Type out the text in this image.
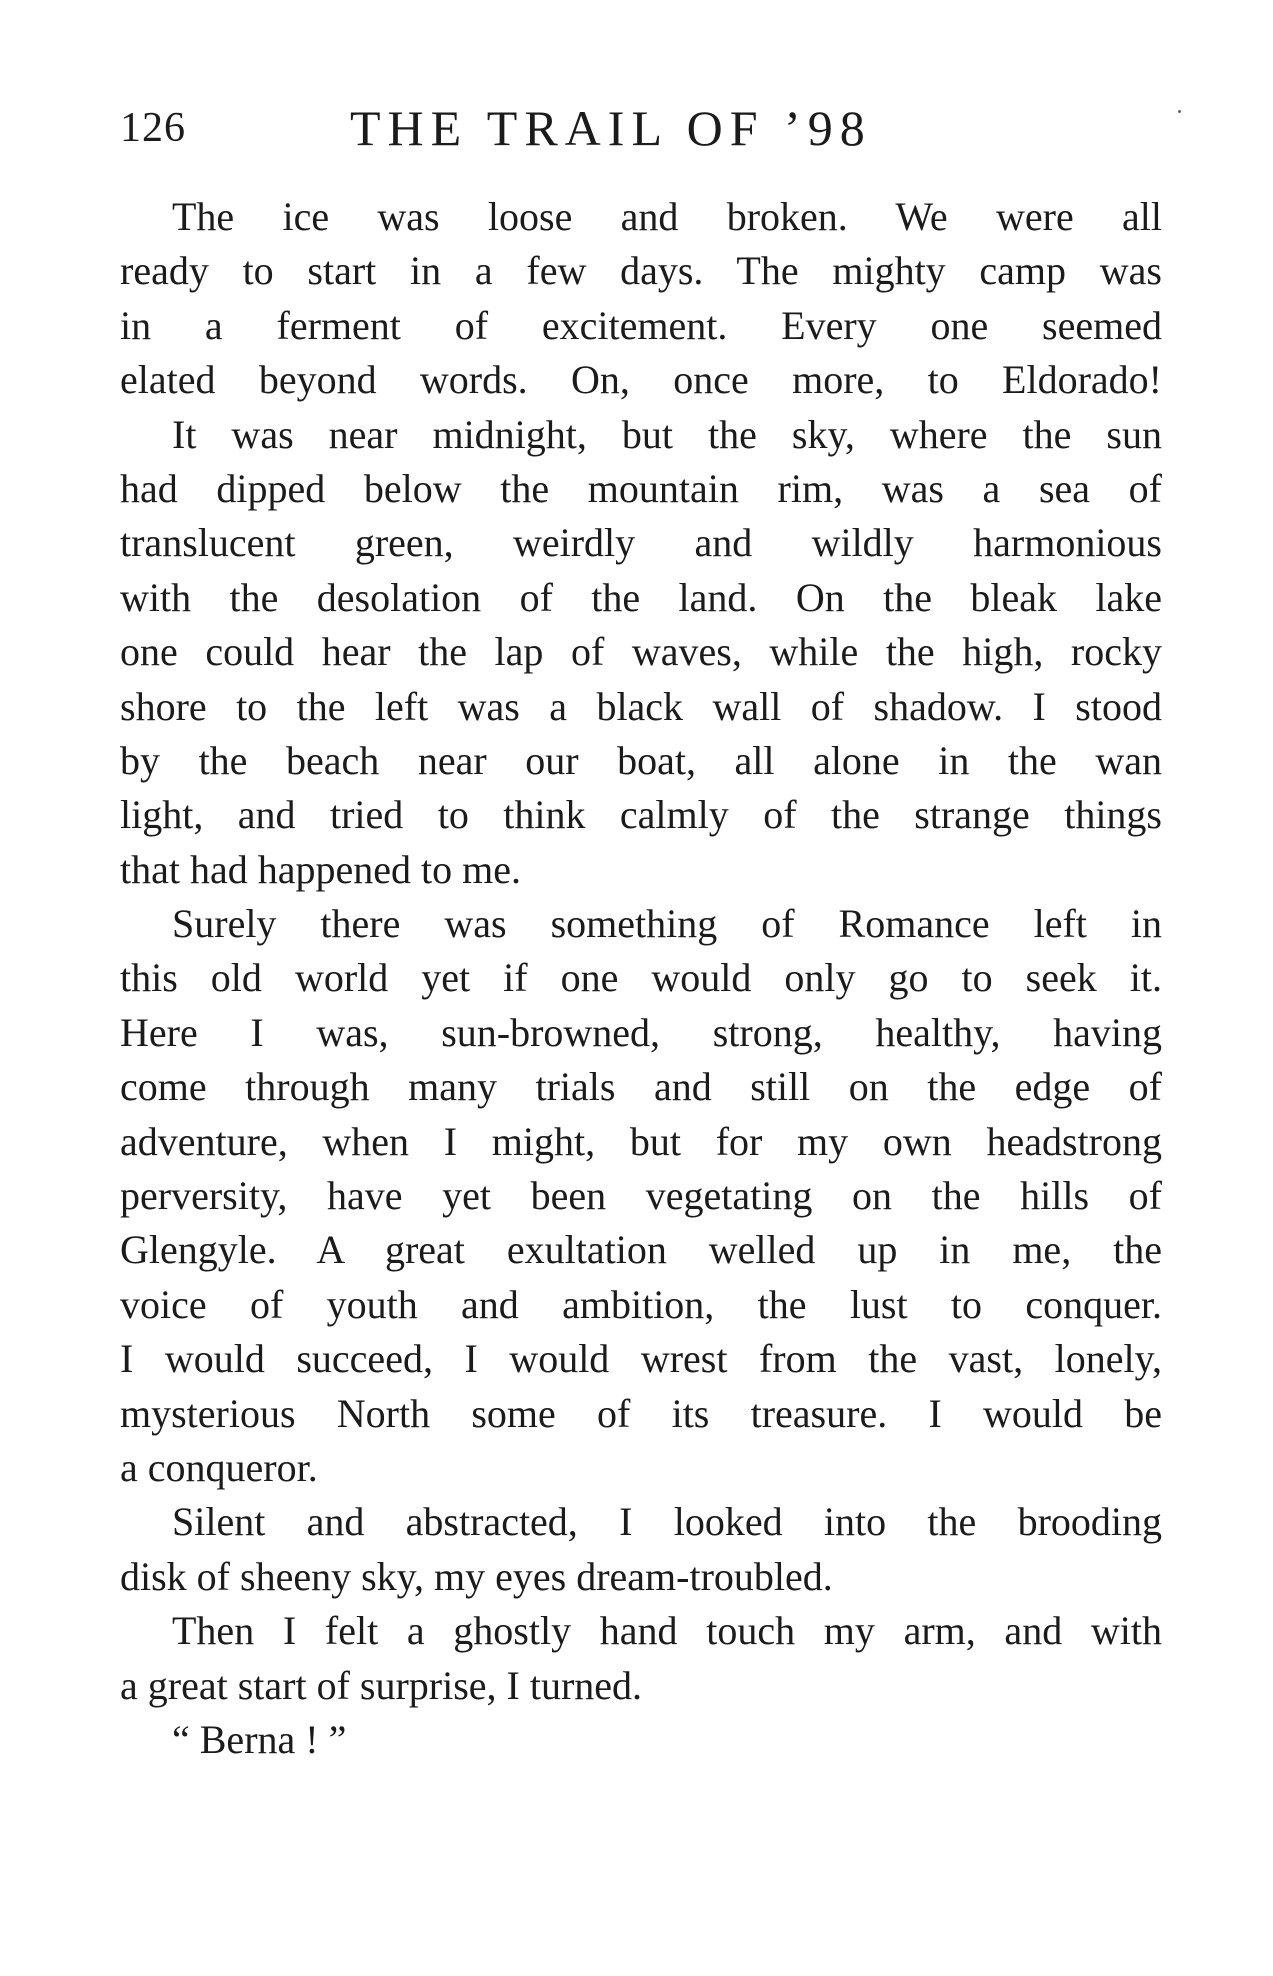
126	THE TRAIL OF ’98
The ice was loose and broken. We were all
ready to start in a few days. The mighty camp was
in a ferment of excitement. Every one seemed
elated beyond words. On, once more, to Eldorado!
It was near midnight, but the sky, where the sun
had dipped below the mountain rim, was a sea of
translucent green, weirdly and wildly harmonious
with the desolation of the land. On the bleak lake
one could hear the lap of waves, while the high, rocky
shore to the left was a black wall of shadow. I stood
by the beach near our boat, all alone in the wan
light, and tried to think calmly of the strange things
that had happened to me.
Surely there was something of Romance left in
this old world yet if one would only go to seek it.
Here I was, sun-browned, strong, healthy, having
come through many trials and still on the edge of
adventure, when I might, but for my own headstrong
perversity, have yet been vegetating on the hills of
Glengyle. A great exultation welled up in me, the
voice of youth and ambition, the lust to conquer.
I would succeed, I would wrest from the vast, lonely,
mysterious North some of its treasure. I would be
a conqueror.
Silent and abstracted, I looked into the brooding
disk of sheeny sky, my eyes dream-troubled.
Then I felt a ghostly hand touch my arm, and with
a great start of surprise, I turned.
“ Berna ! ”
